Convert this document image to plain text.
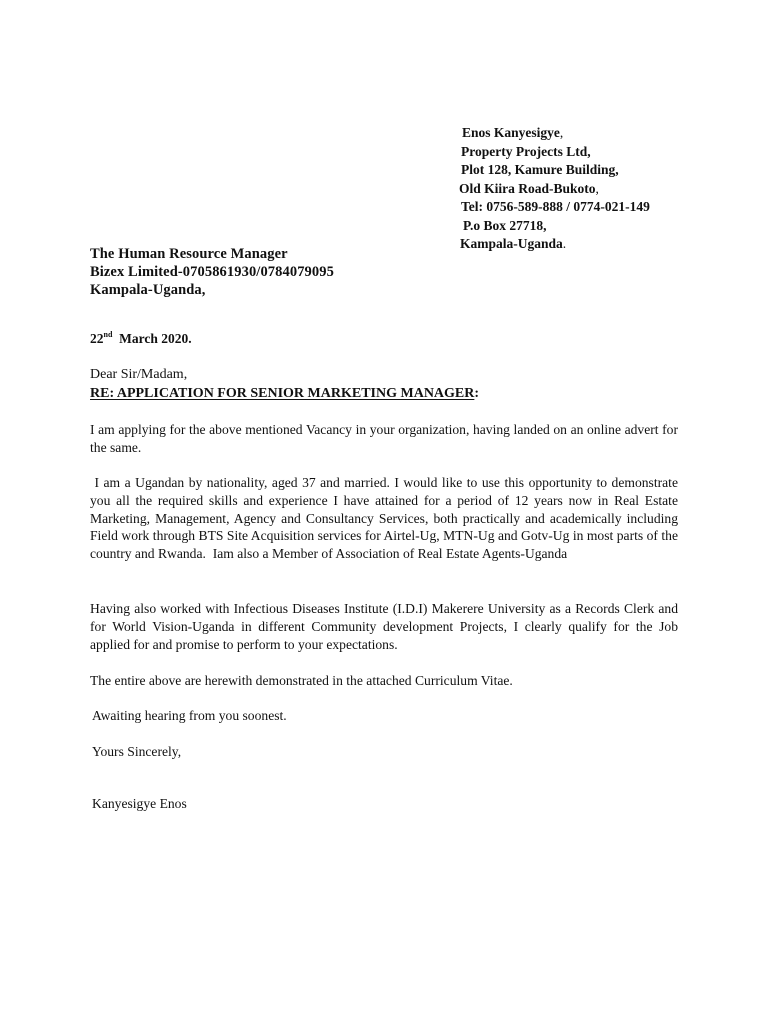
Enos Kanyesigye,
Property Projects Ltd,
Plot 128, Kamure Building,
Old Kiira Road-Bukoto,
Tel: 0756-589-888 / 0774-021-149
P.o Box 27718,
Kampala-Uganda.
The Human Resource Manager
Bizex Limited-0705861930/0784079095
Kampala-Uganda,
22nd March 2020.
Dear Sir/Madam,
RE: APPLICATION FOR SENIOR MARKETING MANAGER:
I am applying for the above mentioned Vacancy in your organization, having landed on an online advert for the same.
I am a Ugandan by nationality, aged 37 and married. I would like to use this opportunity to demonstrate you all the required skills and experience I have attained for a period of 12 years now in Real Estate Marketing, Management, Agency and Consultancy Services, both practically and academically including Field work through BTS Site Acquisition services for Airtel-Ug, MTN-Ug and Gotv-Ug in most parts of the country and Rwanda.  Iam also a Member of Association of Real Estate Agents-Uganda
Having also worked with Infectious Diseases Institute (I.D.I) Makerere University as a Records Clerk and for World Vision-Uganda in different Community development Projects, I clearly qualify for the Job applied for and promise to perform to your expectations.
The entire above are herewith demonstrated in the attached Curriculum Vitae.
Awaiting hearing from you soonest.
Yours Sincerely,
Kanyesigye Enos
